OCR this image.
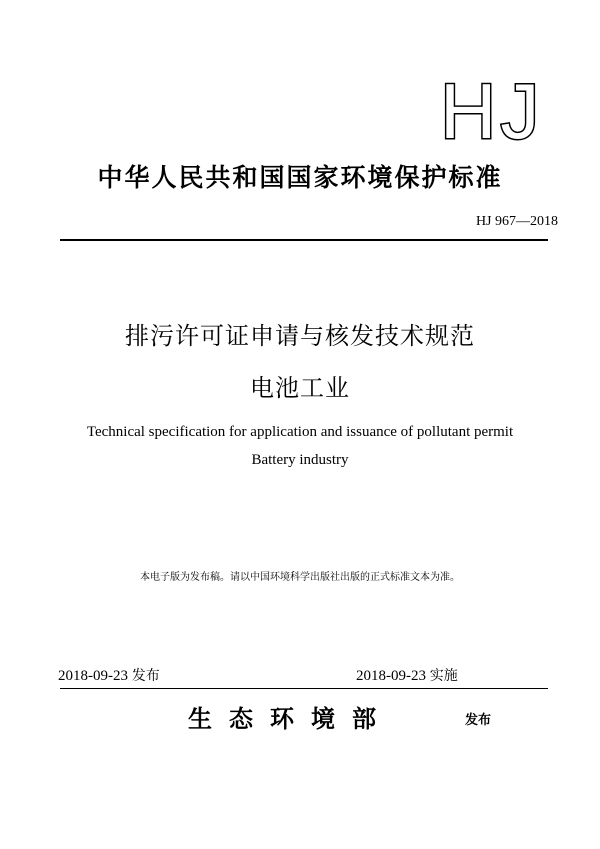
HJ
中华人民共和国国家环境保护标准
HJ 967—2018
排污许可证申请与核发技术规范
电池工业
Technical specification for application and issuance of pollutant permit
Battery industry
本电子版为发布稿。请以中国环境科学出版社出版的正式标准文本为准。
2018-09-23 发布	2018-09-23 实施
生态环境部	发布
